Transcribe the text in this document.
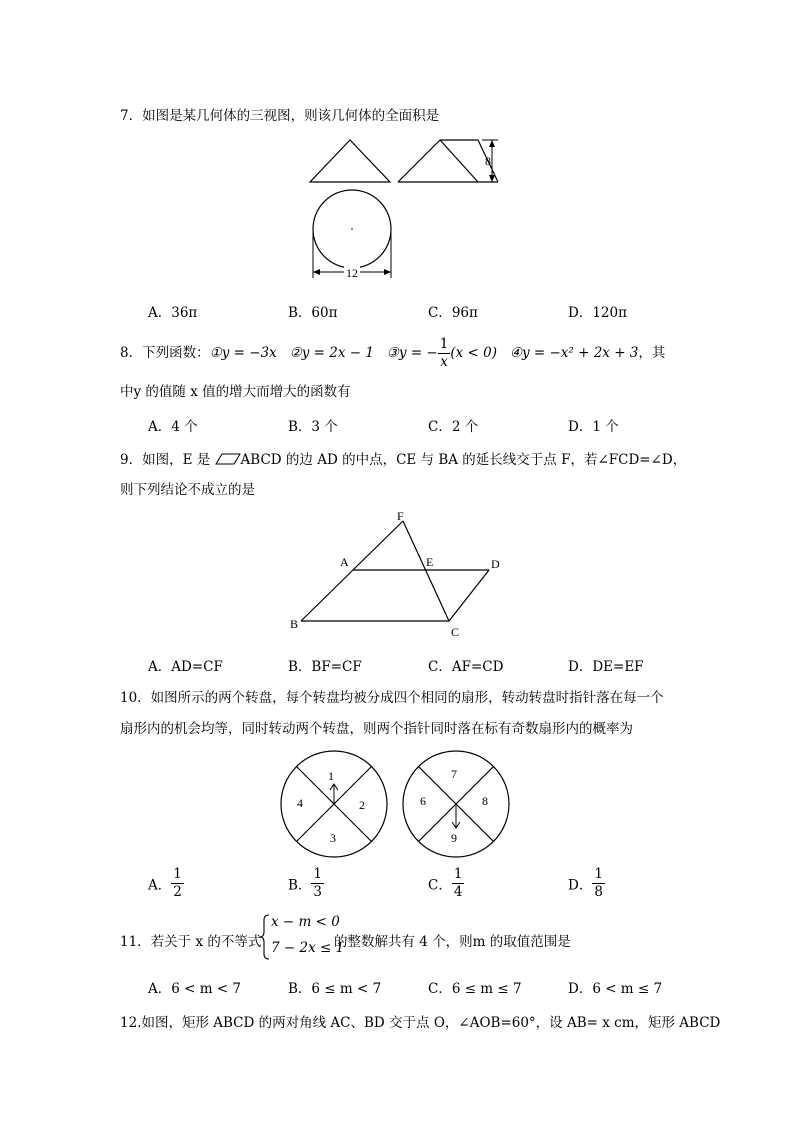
7．如图是某几何体的三视图，则该几何体的全面积是
8
12
A．36π	B．60π	C．96π	D．120π
8．下列函数：①y = −3x ②y = 2x − 1 ③y = − $\frac{1}{x} (x < 0)$ ④y = −x² + 2x + 3，其
中y 的值随 x 值的增大而增大的函数有
A．4 个	B．3 个	C．2 个	D．1 个
9．如图，E 是 ABCD 的边 AD 的中点，CE 与 BA 的延长线交于点 F，若∠FCD=∠D，
则下列结论不成立的是
F
A	E	D
B
C
A．AD=CF	B．BF=CF	C．AF=CD	D．DE=EF
10．如图所示的两个转盘，每个转盘均被分成四个相同的扇形，转动转盘时指针落在每一个
扇形内的机会均等，同时转动两个转盘，则两个指针同时落在标有奇数扇形内的概率为
1
2
3
4
7
8
9
6
A． $\frac{1}{2}$	B． $\frac{1}{3}$	C． $\frac{1}{4}$	D． $\frac{1}{8}$
11．若关于 x 的不等式
x − m < 0
7 − 2x ≤ 1
的整数解共有 4 个，则m 的取值范围是
A．6 < m < 7	B．6 ≤ m < 7	C．6 ≤ m ≤ 7	D．6 < m ≤ 7
12.如图，矩形 ABCD 的两对角线 AC、BD 交于点 O，∠AOB=60°，设 AB= x cm，矩形 ABCD
